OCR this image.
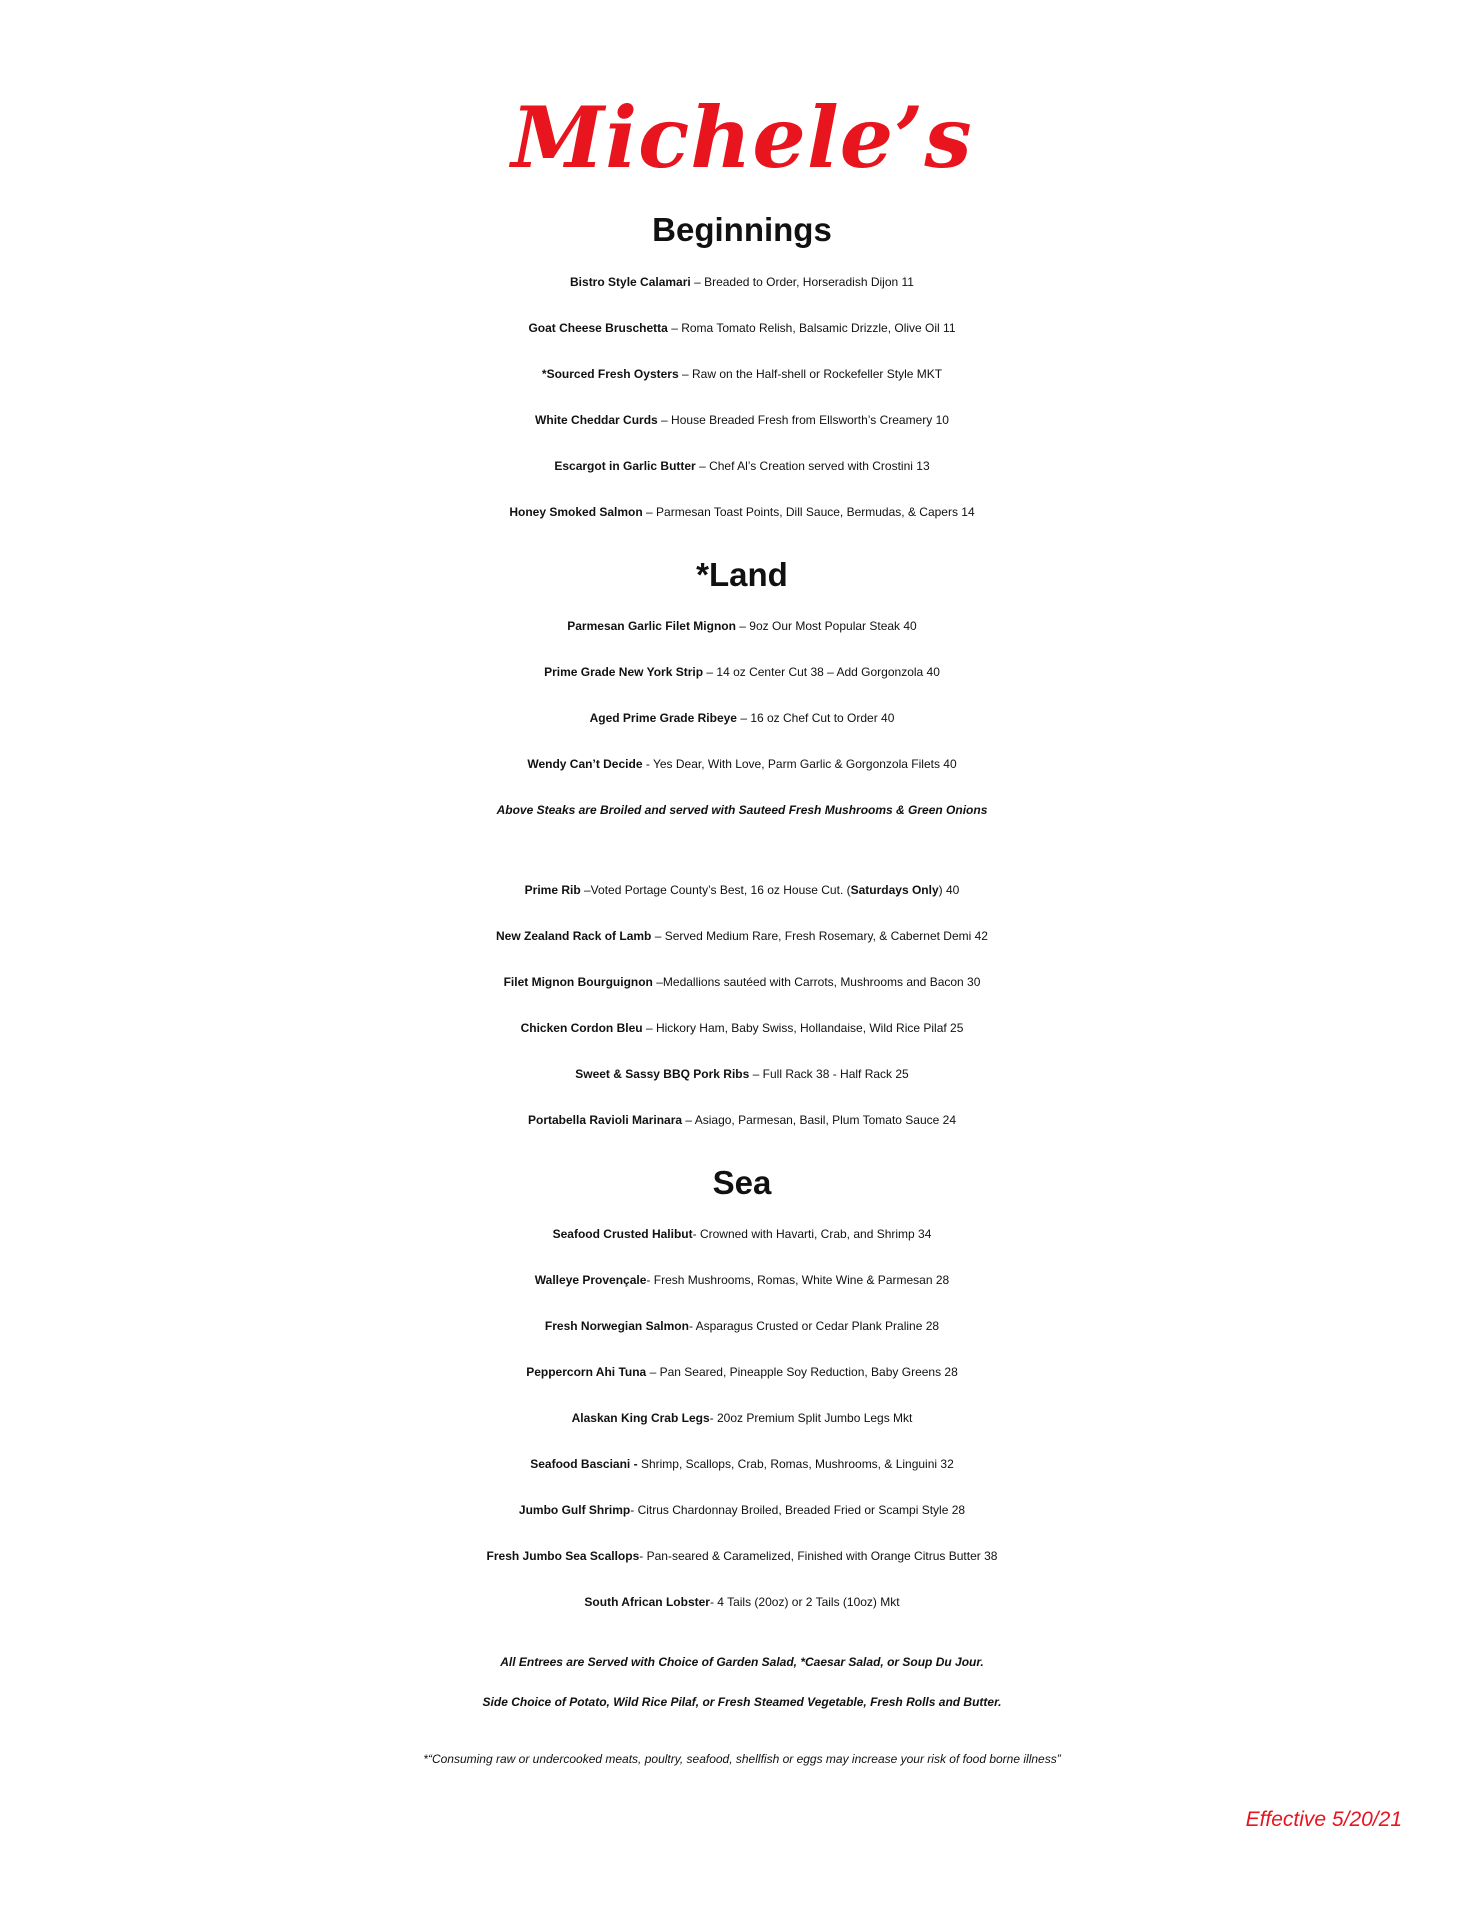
Michele’s
Beginnings
Bistro Style Calamari – Breaded to Order, Horseradish Dijon 11
Goat Cheese Bruschetta – Roma Tomato Relish, Balsamic Drizzle, Olive Oil 11
*Sourced Fresh Oysters – Raw on the Half-shell or Rockefeller Style MKT
White Cheddar Curds – House Breaded Fresh from Ellsworth’s Creamery 10
Escargot in Garlic Butter – Chef Al’s Creation served with Crostini 13
Honey Smoked Salmon – Parmesan Toast Points, Dill Sauce, Bermudas, & Capers 14
*Land
Parmesan Garlic Filet Mignon – 9oz Our Most Popular Steak 40
Prime Grade New York Strip – 14 oz Center Cut 38 – Add Gorgonzola 40
Aged Prime Grade Ribeye – 16 oz Chef Cut to Order 40
Wendy Can’t Decide - Yes Dear, With Love, Parm Garlic & Gorgonzola Filets 40
Above Steaks are Broiled and served with Sauteed Fresh Mushrooms & Green Onions
Prime Rib –Voted Portage County’s Best, 16 oz House Cut. (Saturdays Only) 40
New Zealand Rack of Lamb – Served Medium Rare, Fresh Rosemary, & Cabernet Demi 42
Filet Mignon Bourguignon –Medallions sautéed with Carrots, Mushrooms and Bacon 30
Chicken Cordon Bleu – Hickory Ham, Baby Swiss, Hollandaise, Wild Rice Pilaf 25
Sweet & Sassy BBQ Pork Ribs – Full Rack 38 - Half Rack 25
Portabella Ravioli Marinara – Asiago, Parmesan, Basil, Plum Tomato Sauce 24
Sea
Seafood Crusted Halibut- Crowned with Havarti, Crab, and Shrimp 34
Walleye Provençale- Fresh Mushrooms, Romas, White Wine & Parmesan 28
Fresh Norwegian Salmon- Asparagus Crusted or Cedar Plank Praline 28
Peppercorn Ahi Tuna – Pan Seared, Pineapple Soy Reduction, Baby Greens 28
Alaskan King Crab Legs- 20oz Premium Split Jumbo Legs Mkt
Seafood Basciani - Shrimp, Scallops, Crab, Romas, Mushrooms, & Linguini 32
Jumbo Gulf Shrimp- Citrus Chardonnay Broiled, Breaded Fried or Scampi Style 28
Fresh Jumbo Sea Scallops- Pan-seared & Caramelized, Finished with Orange Citrus Butter 38
South African Lobster- 4 Tails (20oz) or 2 Tails (10oz) Mkt
All Entrees are Served with Choice of Garden Salad, *Caesar Salad, or Soup Du Jour.
Side Choice of Potato, Wild Rice Pilaf, or Fresh Steamed Vegetable, Fresh Rolls and Butter.
*“Consuming raw or undercooked meats, poultry, seafood, shellfish or eggs may increase your risk of food borne illness”
Effective 5/20/21
